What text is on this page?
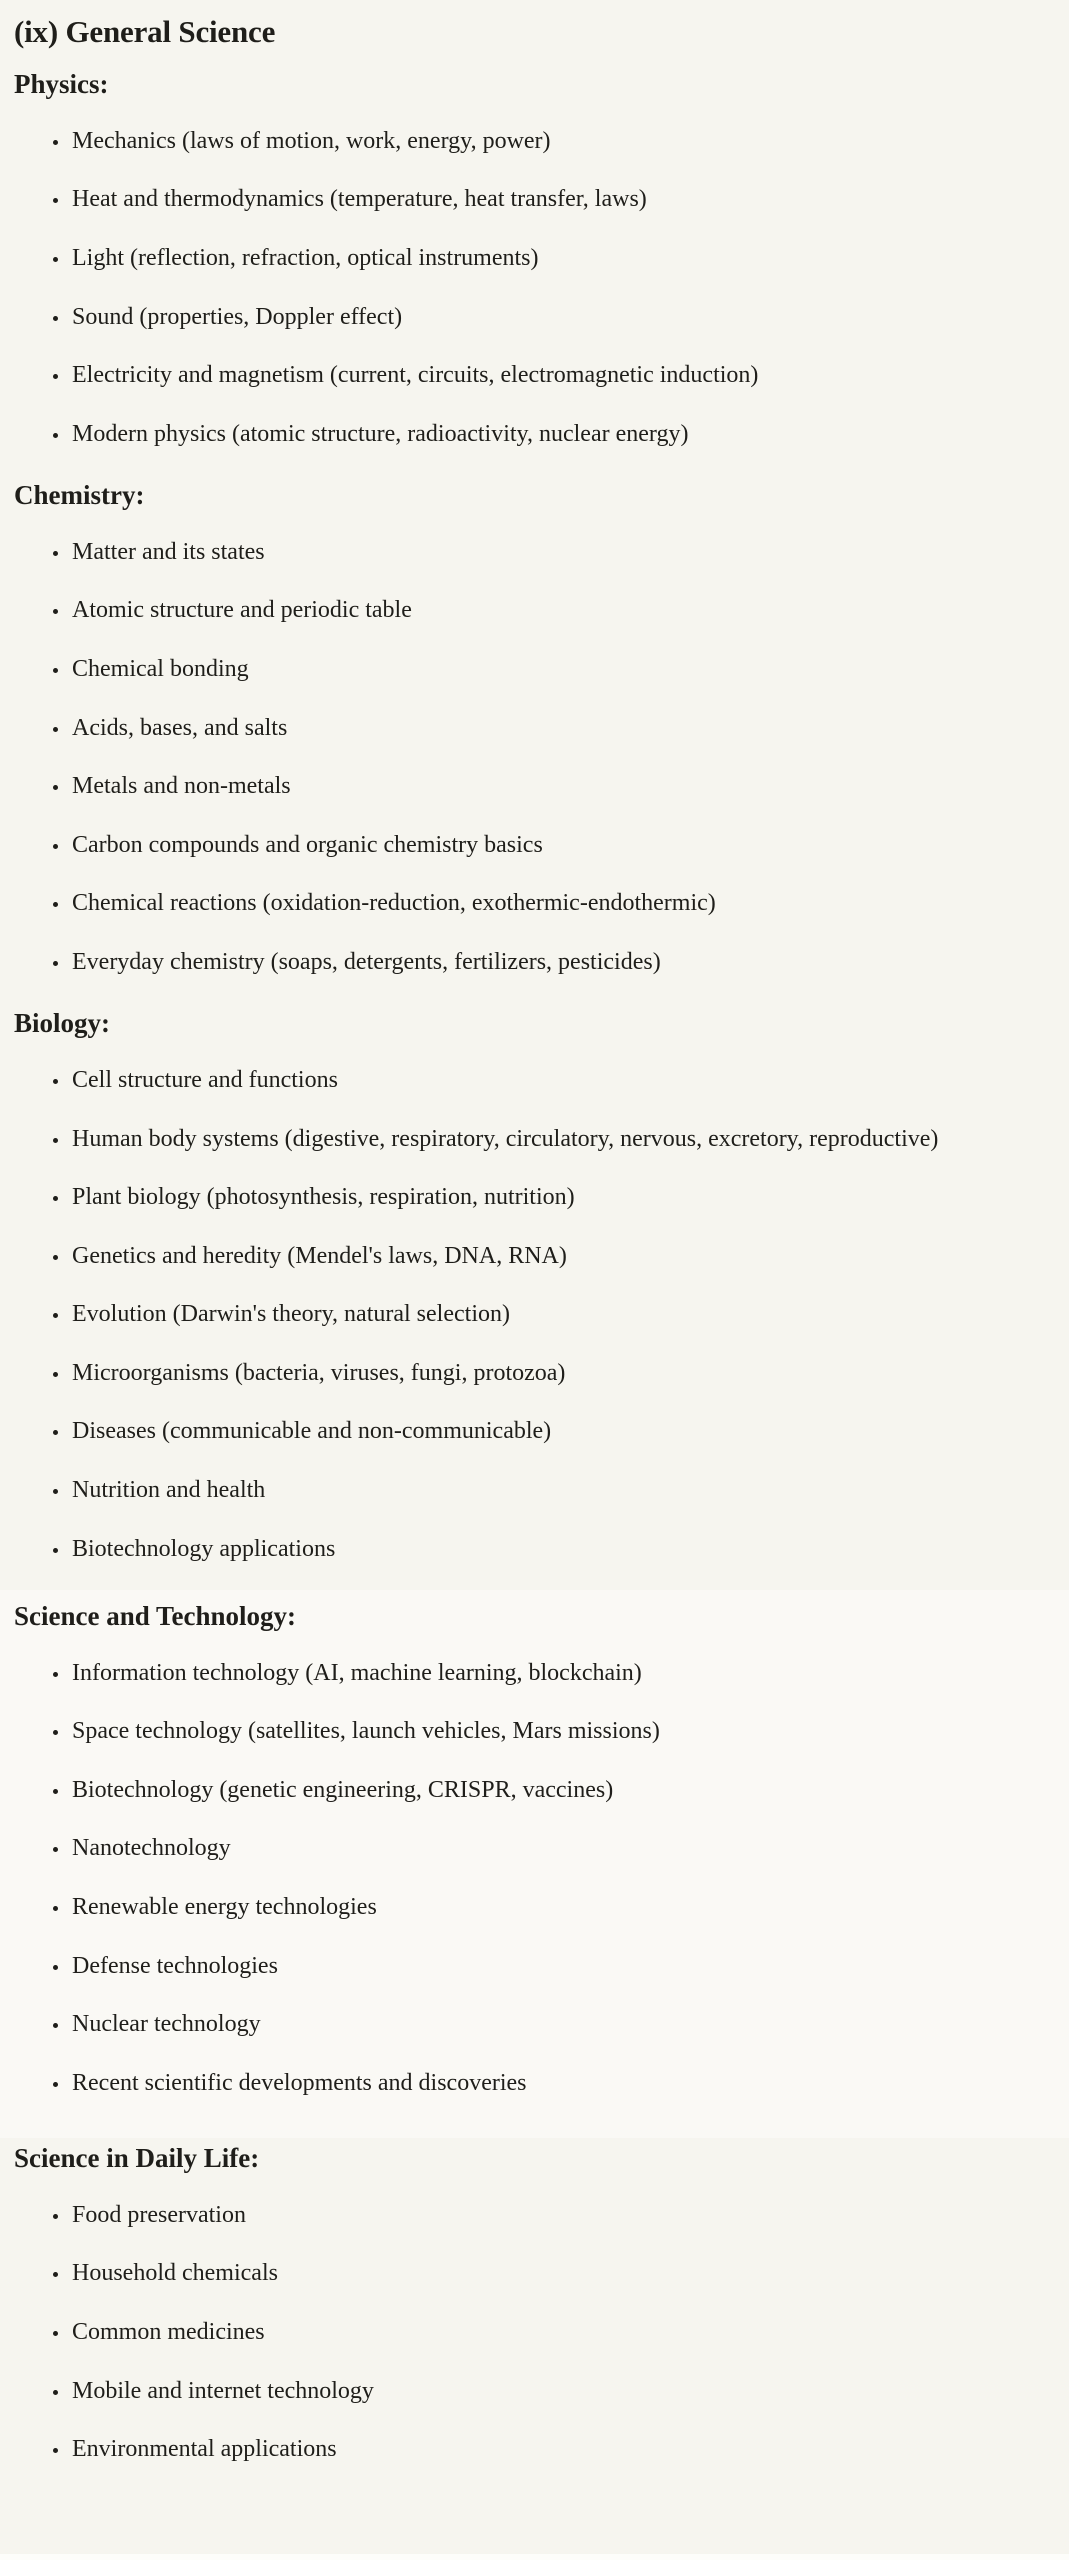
(ix) General Science
Physics:
• Mechanics (laws of motion, work, energy, power)
• Heat and thermodynamics (temperature, heat transfer, laws)
• Light (reflection, refraction, optical instruments)
• Sound (properties, Doppler effect)
• Electricity and magnetism (current, circuits, electromagnetic induction)
• Modern physics (atomic structure, radioactivity, nuclear energy)
Chemistry:
• Matter and its states
• Atomic structure and periodic table
• Chemical bonding
• Acids, bases, and salts
• Metals and non-metals
• Carbon compounds and organic chemistry basics
• Chemical reactions (oxidation-reduction, exothermic-endothermic)
• Everyday chemistry (soaps, detergents, fertilizers, pesticides)
Biology:
• Cell structure and functions
• Human body systems (digestive, respiratory, circulatory, nervous, excretory, reproductive)
• Plant biology (photosynthesis, respiration, nutrition)
• Genetics and heredity (Mendel's laws, DNA, RNA)
• Evolution (Darwin's theory, natural selection)
• Microorganisms (bacteria, viruses, fungi, protozoa)
• Diseases (communicable and non-communicable)
• Nutrition and health
• Biotechnology applications
Science and Technology:
• Information technology (AI, machine learning, blockchain)
• Space technology (satellites, launch vehicles, Mars missions)
• Biotechnology (genetic engineering, CRISPR, vaccines)
• Nanotechnology
• Renewable energy technologies
• Defense technologies
• Nuclear technology
• Recent scientific developments and discoveries
Science in Daily Life:
• Food preservation
• Household chemicals
• Common medicines
• Mobile and internet technology
• Environmental applications
